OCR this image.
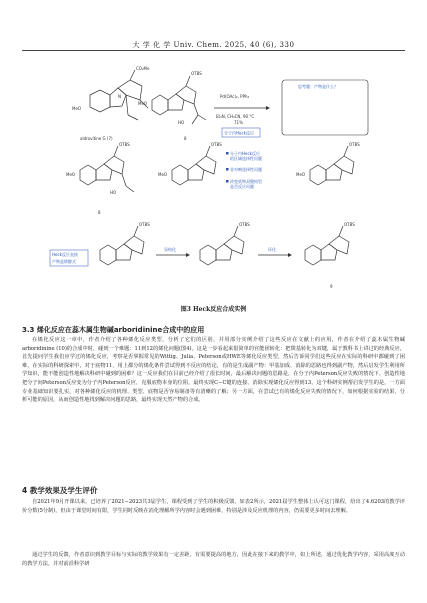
大 学 化 学 Univ. Chem. 2025, 40 (6), 330
CO₂Me
MeO
N
aldrovitine G (7)
OTBS
MeO
HO
8
Pd(OAc)₂, PPh₃
Et₃N, CH₃CN, 90 °C
71%
分子内Heck反应
思考题：产物是什么？
OTBS
MeO
HO
8
OTBS
MeO
分子内Heck反应
的区域选择性问题
非对映选择性问题
改变底物双键构型
是否反应问题
OTBS
MeO
Heck反应直接
产物是烯醇式
OTBS
异构化
OTBS
环化
OTBS
9
图3 Heck反应合成实例
3.3 烯化反应在蕊木属生物碱arboridinine合成中的应用
在烯化反应这一章中，作者介绍了各种烯化反应类型，分析了它们的区别，并用部分实例介绍了这些反应在文献上的应用，作者在介绍了蕊木属生物碱arboridinine (10)的合成中时，碰到一个难题：11到12的烯化问题(图4)。这是一步看起来很简单的官能团转化：把羰基转化为双键，属于教科书上讲过的经典反应，首先提问学生我们应学过的烯化反应，考察是否掌握常见的Wittig、Julia、Peterson或HWE等烯化反应类型，然后告诉同学们这些反应在实际的科研中都碰到了困难，在实际的科研探索中，对于底物11，用上都分的烯化条件尝试得到不反应的结论，有的是生成副产物：甲基加成、消除的思路也得到副产物，然后启发学生利用所学知识，能不能创造性地解决科研中碰到的困难？这一反应我们在目前已经介绍了很长时间，最后解决问题的思路是，在分子内Peterson反应失败的情况下，创造性地把分子间Peterson反应变为分子内Peterson反应，克服底物本身的位阻，最终实现C−C键的连接、消除实现烯化反应得到13，这个科研实例帮启发学生的是，一方面专业基础知识要扎实，对各种烯化反应的机理、类型、底物是否容易制备等有清晰的了解；另一方面，在尝试已有的烯化反应失败的情况下，如何根据实验的结果，分析可能的原因，从而创造性地找到解决问题的思路，最终实现天然产物的合成。
4 教学效果及学生评价
自2021年9月开课以来，已培养了2021−2023共3届学生，课程受到了学生的积极反馈，如表2所示，2021届学生整体上认可这门课程，给出了4.6203的教学评价分数(5分制)，但由于课堂时间有限，学生同时反映在消化理解所学内容时会遇到困难，特别是涉及反应机理的内容，仍需要更多时间去理解。
通过学生的反馈，作者意识到教学目标与实际的教学效果有一定差距，有需要提高的地方，因此在接下来的教学中，如上所述，通过优化教学内容，采用高度互动的教学方法，并对前沿科学研
